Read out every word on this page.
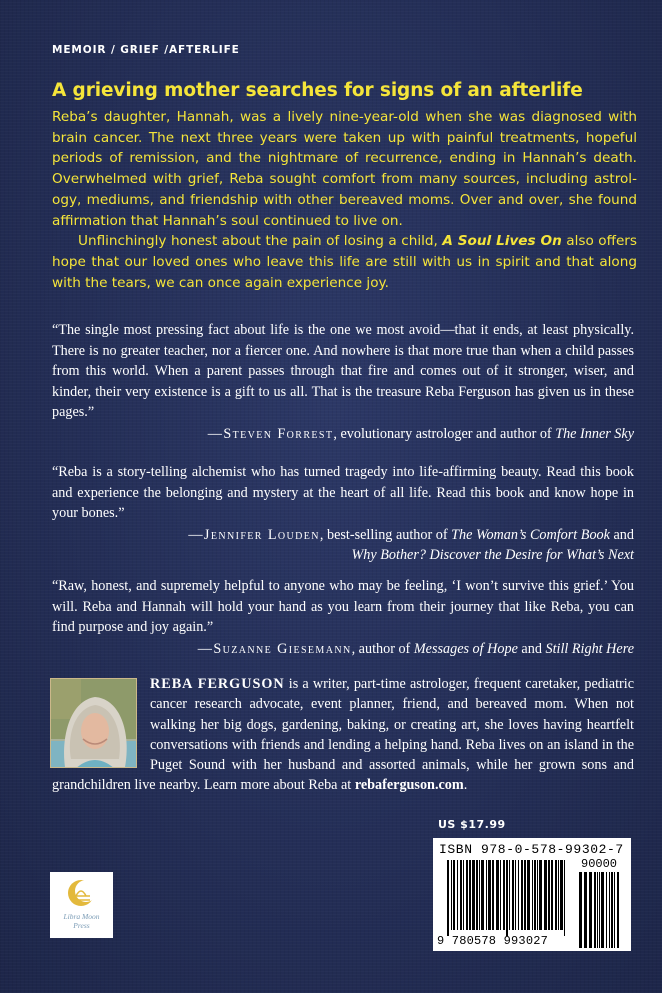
MEMOIR / GRIEF /AFTERLIFE
A grieving mother searches for signs of an afterlife

Reba’s daughter, Hannah, was a lively nine-year-old when she was diagnosed with brain cancer. The next three years were taken up with painful treatments, hopeful periods of remission, and the nightmare of recurrence, ending in Hannah’s death. Overwhelmed with grief, Reba sought comfort from many sources, including astrology, mediums, and friendship with other bereaved moms. Over and over, she found affirmation that Hannah’s soul continued to live on.

Unflinchingly honest about the pain of losing a child, A Soul Lives On also offers hope that our loved ones who leave this life are still with us in spirit and that along with the tears, we can once again experience joy.

“The single most pressing fact about life is the one we most avoid—that it ends, at least physically. There is no greater teacher, nor a fiercer one. And nowhere is that more true than when a child passes from this world. When a parent passes through that fire and comes out of it stronger, wiser, and kinder, their very existence is a gift to us all. That is the treasure Reba Ferguson has given us in these pages.”

—Steven Forrest, evolutionary astrologer and author of The Inner Sky

“Reba is a story-telling alchemist who has turned tragedy into life-affirming beauty. Read this book and experience the belonging and mystery at the heart of all life. Read this book and know hope in your bones.”

—Jennifer Louden, best-selling author of The Woman’s Comfort Book and
Why Bother? Discover the Desire for What’s Next

“Raw, honest, and supremely helpful to anyone who may be feeling, ‘I won’t survive this grief.’ You will. Reba and Hannah will hold your hand as you learn from their journey that like Reba, you can find purpose and joy again.”

—Suzanne Giesemann, author of Messages of Hope and Still Right Here

REBA FERGUSON is a writer, part-time astrologer, frequent caretaker, pediatric cancer research advocate, event planner, friend, and bereaved mom. When not walking her big dogs, gardening, baking, or creating art, she loves having heartfelt conversations with friends and lending a helping hand. Reba lives on an island in the Puget Sound with her husband and assorted animals, while her grown sons and grandchildren live nearby. Learn more about Reba at rebaferguson.com.

US $17.99
ISBN 978-0-578-99302-7
90000
9 780578 993027
Libra Moon
Press
